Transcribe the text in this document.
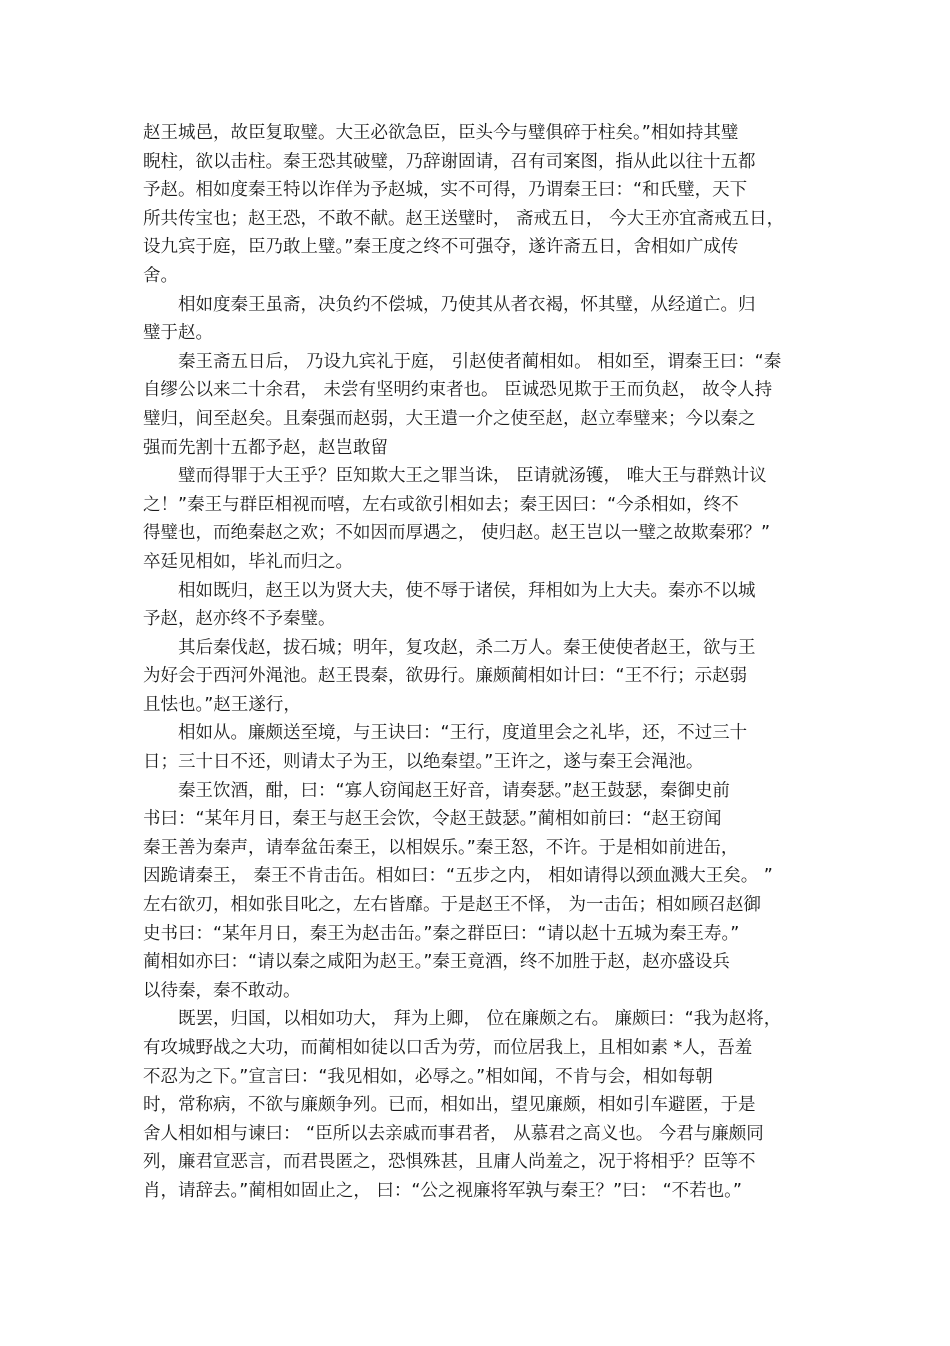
赵王城邑，故臣复取璧。大王必欲急臣，臣头今与璧俱碎于柱矣。”相如持其璧
睨柱，欲以击柱。秦王恐其破璧，乃辞谢固请，召有司案图，指从此以往十五都
予赵。相如度秦王特以诈佯为予赵城，实不可得，乃谓秦王曰：“和氏璧，天下
所共传宝也；赵王恐，不敢不献。赵王送璧时， 斋戒五日， 今大王亦宜斋戒五日，
设九宾于庭，臣乃敢上璧。”秦王度之终不可强夺，遂许斋五日，舍相如广成传
舍。
相如度秦王虽斋，决负约不偿城，乃使其从者衣褐，怀其璧，从经道亡。归
璧于赵。
秦王斋五日后， 乃设九宾礼于庭， 引赵使者蔺相如。 相如至，谓秦王曰：“秦
自缪公以来二十余君， 未尝有坚明约束者也。 臣诚恐见欺于王而负赵， 故令人持
璧归，间至赵矣。且秦强而赵弱，大王遣一介之使至赵，赵立奉璧来；今以秦之
强而先割十五都予赵，赵岂敢留
璧而得罪于大王乎？臣知欺大王之罪当诛， 臣请就汤镬， 唯大王与群熟计议
之！”秦王与群臣相视而嘻，左右或欲引相如去；秦王因曰：“今杀相如，终不
得璧也，而绝秦赵之欢；不如因而厚遇之， 使归赵。赵王岂以一璧之故欺秦邪？”
卒廷见相如，毕礼而归之。
相如既归，赵王以为贤大夫，使不辱于诸侯，拜相如为上大夫。秦亦不以城
予赵，赵亦终不予秦璧。
其后秦伐赵，拔石城；明年，复攻赵，杀二万人。秦王使使者赵王，欲与王
为好会于西河外渑池。赵王畏秦，欲毋行。廉颇蔺相如计曰：“王不行；示赵弱
且怯也。”赵王遂行，
相如从。廉颇送至境，与王诀曰：“王行，度道里会之礼毕，还，不过三十
日；三十日不还，则请太子为王，以绝秦望。”王许之，遂与秦王会渑池。
秦王饮酒，酣，曰：“寡人窃闻赵王好音，请奏瑟。”赵王鼓瑟，秦御史前
书曰：“某年月日，秦王与赵王会饮，令赵王鼓瑟。”蔺相如前曰：“赵王窃闻
秦王善为秦声，请奉盆缶秦王，以相娱乐。”秦王怒，不许。于是相如前进缶，
因跪请秦王， 秦王不肯击缶。相如曰：“五步之内， 相如请得以颈血溅大王矣。 ”
左右欲刃，相如张目叱之，左右皆靡。于是赵王不怿， 为一击缶；相如顾召赵御
史书曰：“某年月日，秦王为赵击缶。”秦之群臣曰：“请以赵十五城为秦王寿。”
蔺相如亦曰：“请以秦之咸阳为赵王。”秦王竟酒，终不加胜于赵，赵亦盛设兵
以待秦，秦不敢动。
既罢，归国，以相如功大， 拜为上卿， 位在廉颇之右。 廉颇曰：“我为赵将，
有攻城野战之大功，而蔺相如徒以口舌为劳，而位居我上，且相如素 *人，吾羞
不忍为之下。”宣言曰：“我见相如，必辱之。”相如闻，不肯与会，相如每朝
时，常称病，不欲与廉颇争列。已而，相如出，望见廉颇，相如引车避匿，于是
舍人相如相与谏曰： “臣所以去亲戚而事君者， 从慕君之高义也。 今君与廉颇同
列，廉君宣恶言，而君畏匿之，恐惧殊甚，且庸人尚羞之，况于将相乎？臣等不
肖，请辞去。”蔺相如固止之， 曰：“公之视廉将军孰与秦王？”曰： “不若也。”
